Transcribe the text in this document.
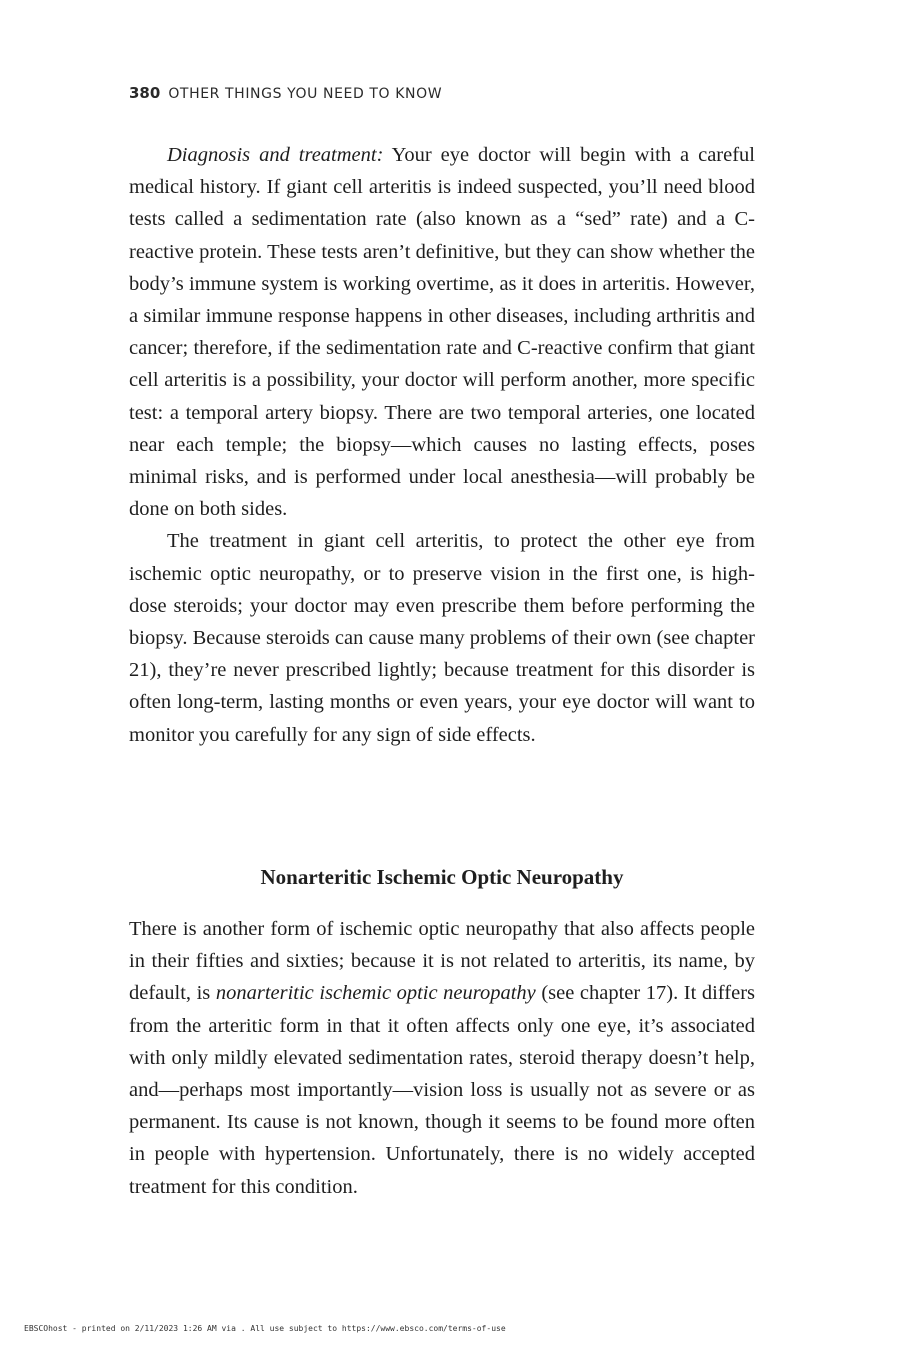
380 OTHER THINGS YOU NEED TO KNOW

Diagnosis and treatment: Your eye doctor will begin with a careful medical history. If giant cell arteritis is indeed suspected, you’ll need blood tests called a sedimentation rate (also known as a “sed” rate) and a C-reactive protein. These tests aren’t definitive, but they can show whether the body’s immune system is working overtime, as it does in arteritis. However, a similar immune response happens in other diseases, including arthritis and cancer; therefore, if the sedimentation rate and C-reactive confirm that giant cell arteritis is a possibility, your doctor will perform another, more specific test: a temporal artery biopsy. There are two temporal arteries, one located near each temple; the biopsy—which causes no lasting effects, poses minimal risks, and is performed under local anesthesia—will probably be done on both sides.

The treatment in giant cell arteritis, to protect the other eye from ischemic optic neuropathy, or to preserve vision in the first one, is high-dose steroids; your doctor may even prescribe them before performing the biopsy. Because steroids can cause many problems of their own (see chapter 21), they’re never prescribed lightly; because treatment for this disorder is often long-term, lasting months or even years, your eye doctor will want to monitor you carefully for any sign of side effects.

Nonarteritic Ischemic Optic Neuropathy

There is another form of ischemic optic neuropathy that also affects people in their fifties and sixties; because it is not related to arteritis, its name, by default, is nonarteritic ischemic optic neuropathy (see chapter 17). It differs from the arteritic form in that it often affects only one eye, it’s associated with only mildly elevated sedimentation rates, steroid therapy doesn’t help, and—perhaps most importantly—vision loss is usually not as severe or as permanent. Its cause is not known, though it seems to be found more often in people with hypertension. Unfortunately, there is no widely accepted treatment for this condition.

EBSCOhost - printed on 2/11/2023 1:26 AM via . All use subject to https://www.ebsco.com/terms-of-use
